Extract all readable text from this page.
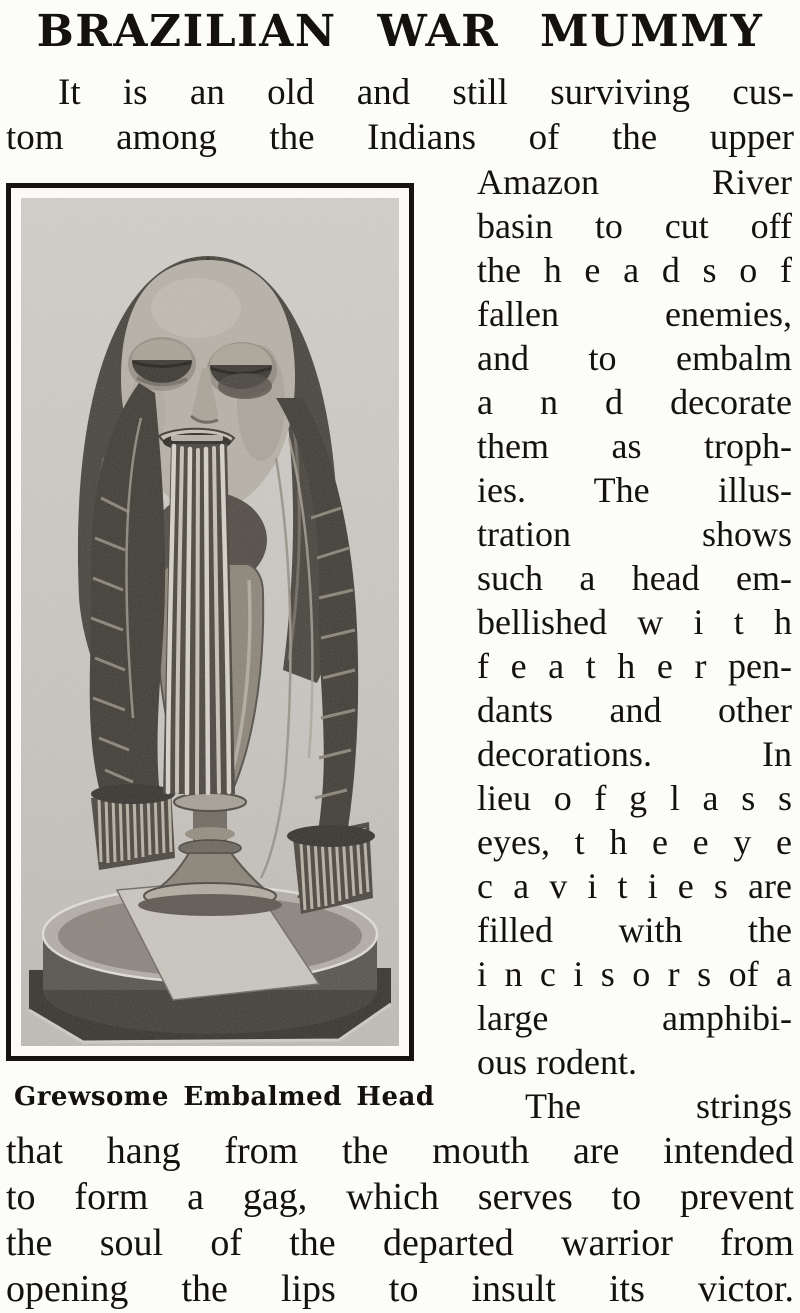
BRAZILIAN WAR MUMMY
It is an old and still surviving cus-
tom among the Indians of the upper
Grewsome Embalmed Head
Amazon River
basin to cut off
the h e a d s o f
fallen enemies,
and to embalm
a n d decorate
them as troph-
ies. The illus-
tration shows
such a head em-
bellished w i t h
f e a t h e r pen-
dants and other
decorations. In
lieu o f g l a s s
eyes, t h e e y e
c a v i t i e s are
filled with the
i n c i s o r s of a
large amphibi-
ous rodent.
The strings
that hang from the mouth are intended
to form a gag, which serves to prevent
the soul of the departed warrior from
opening the lips to insult its victor.
